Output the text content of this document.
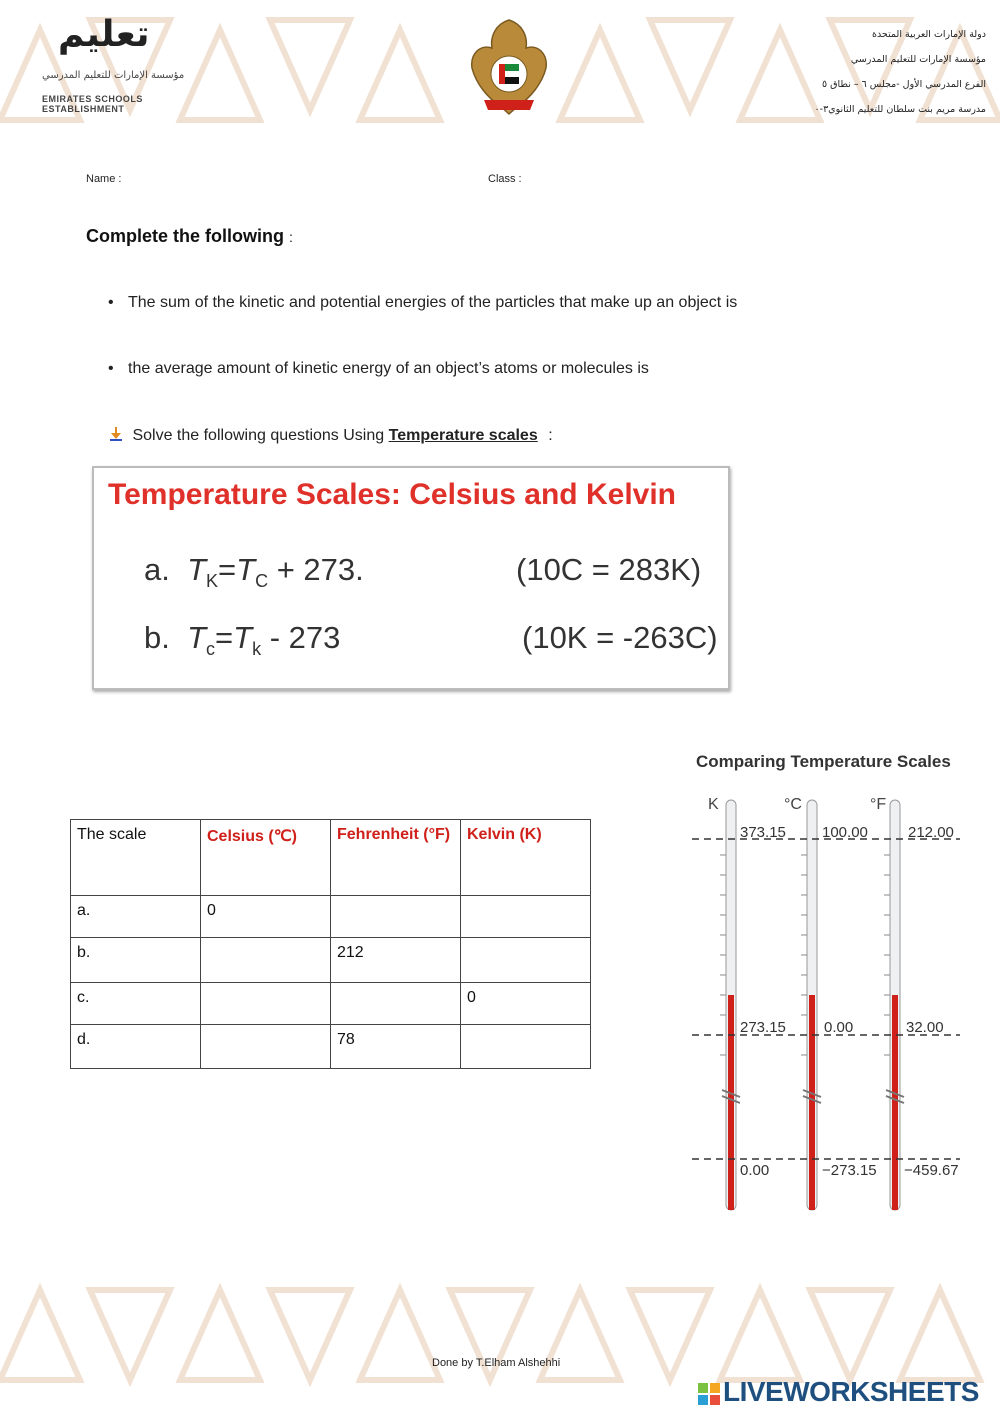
تعليم
مؤسسة الإمارات للتعليم المدرسي
EMIRATES SCHOOLS
ESTABLISHMENT
دولة الإمارات العربية المتحدة
مؤسسة الإمارات للتعليم المدرسي
الفرع المدرسي الأول -مجلس ٦ – نطاق ٥
مدرسة مريم بنت سلطان للتعليم الثانوي٣-٠
Name :	Class :
Complete the following :
• The sum of the kinetic and potential energies of the particles that make up an object is
• the average amount of kinetic energy of an object’s atoms or molecules is
Solve the following questions Using Temperature scales :
Temperature Scales: Celsius and Kelvin
a. $T_K=T_C + 273$.	(10C = 283K)
b. $T_c=T_k - 273$	(10K = -263C)
The scale	Celsius (℃)	Fehrenheit (°F)	Kelvin (K)
a.	0		
b.		212	
c.			0
d.		78	
Comparing Temperature Scales
K	°C	°F
373.15 100.00	212.00
273.15	0.00	32.00
0.00	−273.15 −459.67
Done by T.Elham Alshehhi
LIVEWORKSHEETS
